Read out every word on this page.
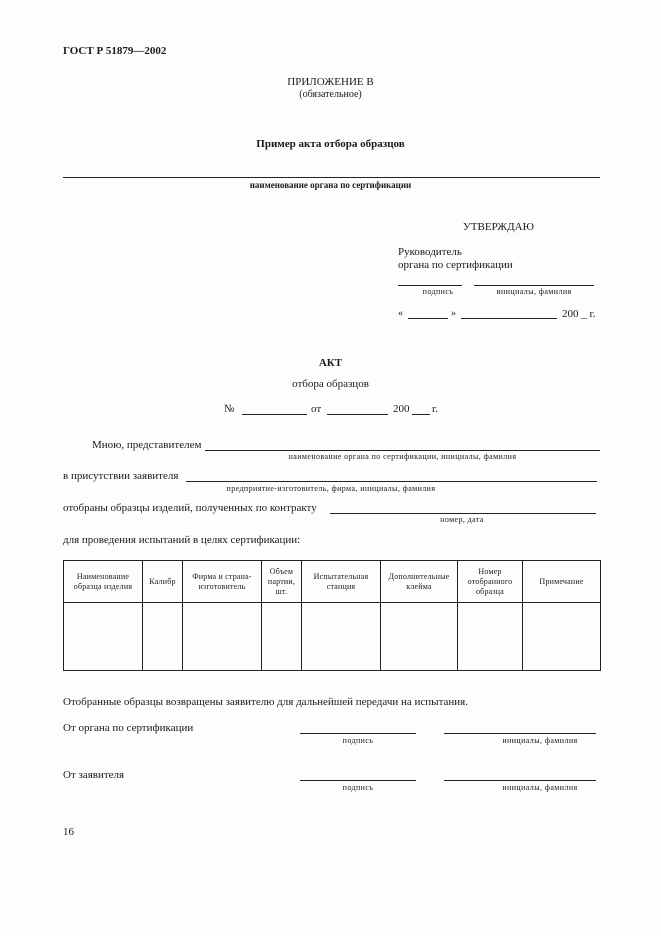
ГОСТ Р 51879—2002
ПРИЛОЖЕНИЕ В
(обязательное)
Пример акта отбора образцов
наименование органа по сертификации
УТВЕРЖДАЮ
Руководитель
органа по сертификации
подпись	инициалы, фамилия
«	»	200 _ г.
АКТ
отбора образцов
№	от	200 г.
Мною, представителем
наименование органа по сертификации, инициалы, фамилия
в присутствии заявителя
предприятие-изготовитель, фирма, инициалы, фамилия
отобраны образцы изделий, полученных по контракту
номер, дата
для проведения испытаний в целях сертификации:
Наименование образца изделия	Калибр	Фирма и страна-изготовитель	Объем партии, шт.	Испытательная станция	Дополнительные клейма	Номер отобранного образца	Примечание

Отобранные образцы возвращены заявителю для дальнейшей передачи на испытания.
От органа по сертификации
подпись	инициалы, фамилия
От заявителя
подпись	инициалы, фамилия
16
